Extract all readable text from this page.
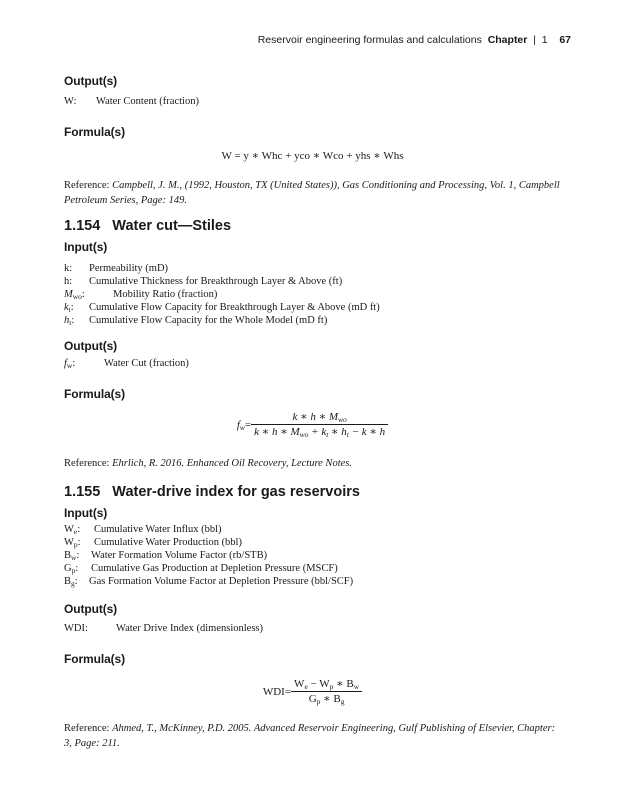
Reservoir engineering formulas and calculations Chapter | 1 67
Output(s)
W: Water Content (fraction)
Formula(s)
W = y ∗ Whc + yco ∗ Wco + yhs ∗ Whs
Reference: Campbell, J. M., (1992, Houston, TX (United States)), Gas Conditioning and Processing, Vol. 1, Campbell Petroleum Series, Page: 149.
1.154 Water cut—Stiles
Input(s)
k: Permeability (mD)
h: Cumulative Thickness for Breakthrough Layer & Above (ft)
$M_{wo}$:	Mobility Ratio (fraction)
$k_t$: Cumulative Flow Capacity for Breakthrough Layer & Above (mD ft)
$h_t$: Cumulative Flow Capacity for the Whole Model (mD ft)
Output(s)
$f_w$:	Water Cut (fraction)
Formula(s)
$f_w= \frac{k ∗ h ∗ M_{wo}}{k ∗ h ∗ M_{wo} + k_t ∗ h_t - k ∗ h}$
Reference: Ehrlich, R. 2016. Enhanced Oil Recovery, Lecture Notes.
1.155 Water-drive index for gas reservoirs
Input(s)
$W_e$: Cumulative Water Influx (bbl)
$W_p$: Cumulative Water Production (bbl)
$B_w$: Water Formation Volume Factor (rb/STB)
$G_p$: Cumulative Gas Production at Depletion Pressure (MSCF)
$B_g$: Gas Formation Volume Factor at Depletion Pressure (bbl/SCF)
Output(s)
WDI:	Water Drive Index (dimensionless)
Formula(s)
$WDI= \frac{W_e - W_p ∗ B_w}{G_p ∗ B_g}$
Reference: Ahmed, T., McKinney, P.D. 2005. Advanced Reservoir Engineering, Gulf Publishing of Elsevier, Chapter: 3, Page: 211.
